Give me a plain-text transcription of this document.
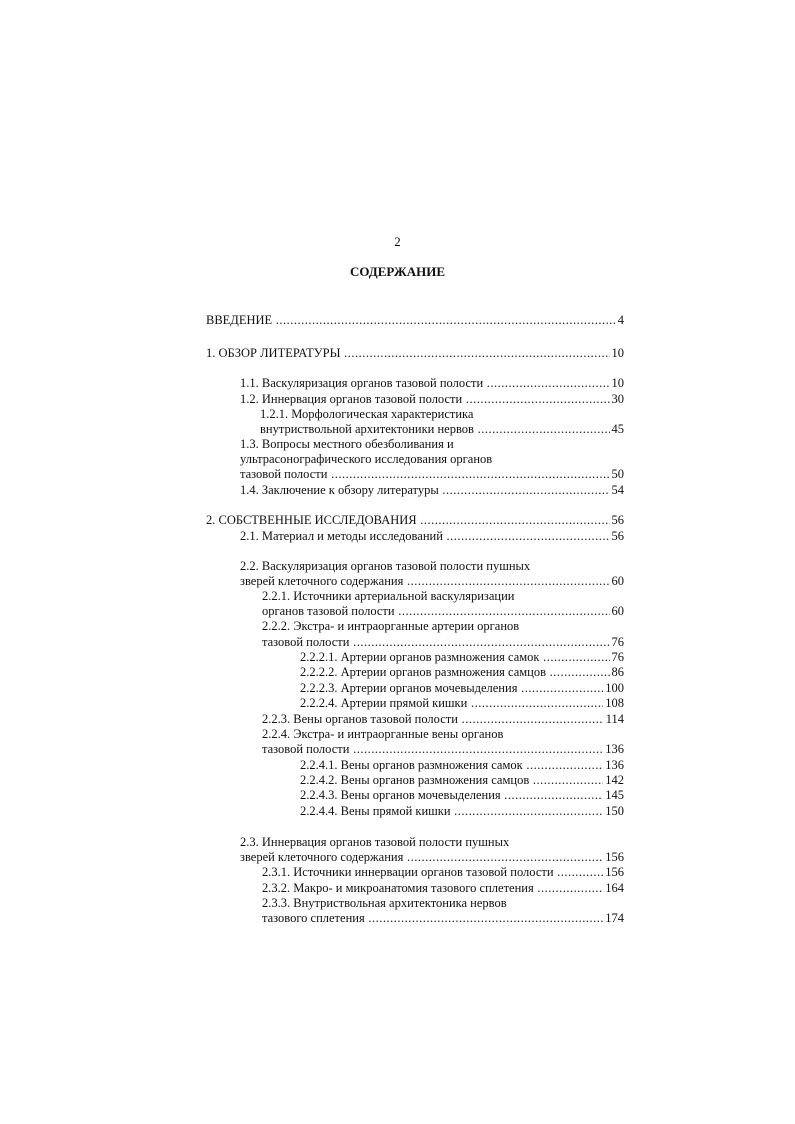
2

СОДЕРЖАНИЕ
ВВЕДЕНИЕ .....	4
1. ОБЗОР ЛИТЕРАТУРЫ .....	10
1.1. Васкуляризация органов тазовой полости .....	10
1.2. Иннервация органов тазовой полости .....	30
1.2.1. Морфологическая характеристика
внутриствольной архитектоники нервов .....	45
1.3. Вопросы местного обезболивания и
ультрасонографического исследования органов
тазовой полости .....	50
1.4. Заключение к обзору литературы .....	54
2. СОБСТВЕННЫЕ ИССЛЕДОВАНИЯ .....	56
2.1. Материал и методы исследований .....	56
2.2. Васкуляризация органов тазовой полости пушных
зверей клеточного содержания .....	60
2.2.1. Источники артериальной васкуляризации
органов тазовой полости .....	60
2.2.2. Экстра- и интраорганные артерии органов
тазовой полости .....	76
2.2.2.1. Артерии органов размножения самок .....	76
2.2.2.2. Артерии органов размножения самцов .....	86
2.2.2.3. Артерии органов мочевыделения .....	100
2.2.2.4. Артерии прямой кишки .....	108
2.2.3. Вены органов тазовой полости .....	114
2.2.4. Экстра- и интраорганные вены органов
тазовой полости .....	136
2.2.4.1. Вены органов размножения самок .....	136
2.2.4.2. Вены органов размножения самцов .....	142
2.2.4.3. Вены органов мочевыделения .....	145
2.2.4.4. Вены прямой кишки .....	150
2.3. Иннервация органов тазовой полости пушных
зверей клеточного содержания .....	156
2.3.1. Источники иннервации органов тазовой полости .....	156
2.3.2. Макро- и микроанатомия тазового сплетения .....	164
2.3.3. Внутриствольная архитектоника нервов
тазового сплетения .....	174
